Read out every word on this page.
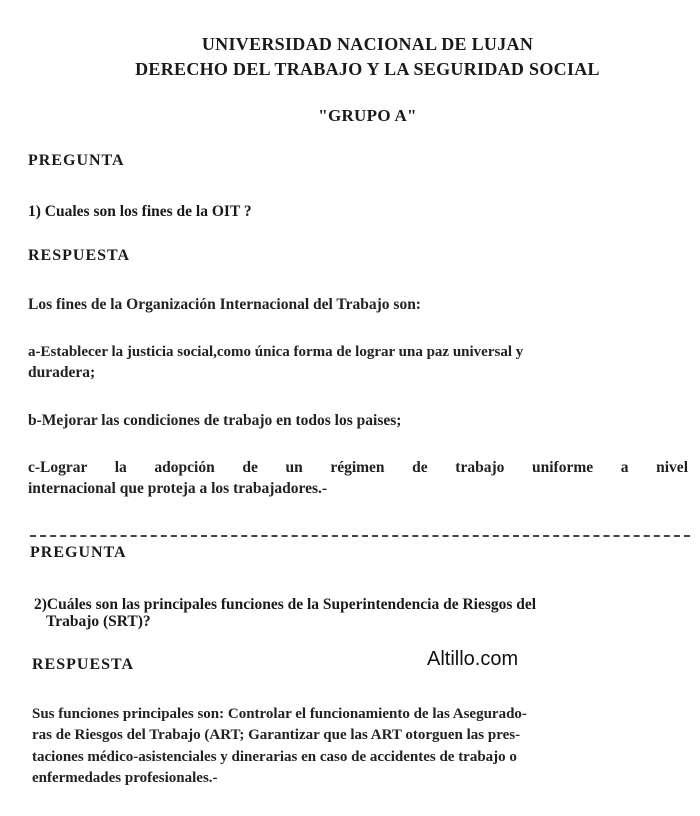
UNIVERSIDAD NACIONAL DE LUJAN
DERECHO DEL TRABAJO Y LA SEGURIDAD SOCIAL
"GRUPO A"
PREGUNTA
1) Cuales son los fines de la OIT ?
RESPUESTA
Los fines de la Organización Internacional del Trabajo son:
a-Establecer la justicia social,como única forma de lograr una paz universal y
duradera;
b-Mejorar las condiciones de trabajo en todos los paises;
c-Lograr la adopción de un régimen de trabajo uniforme a nivel
internacional que proteja a los trabajadores.-
PREGUNTA
2)Cuáles son las principales funciones de la Superintendencia de Riesgos del
Trabajo (SRT)?
RESPUESTA	Altillo.com
Sus funciones principales son: Controlar el funcionamiento de las Asegurado-
ras de Riesgos del Trabajo (ART; Garantizar que las ART otorguen las pres-
taciones médico-asistenciales y dinerarias en caso de accidentes de trabajo o
enfermedades profesionales.-
